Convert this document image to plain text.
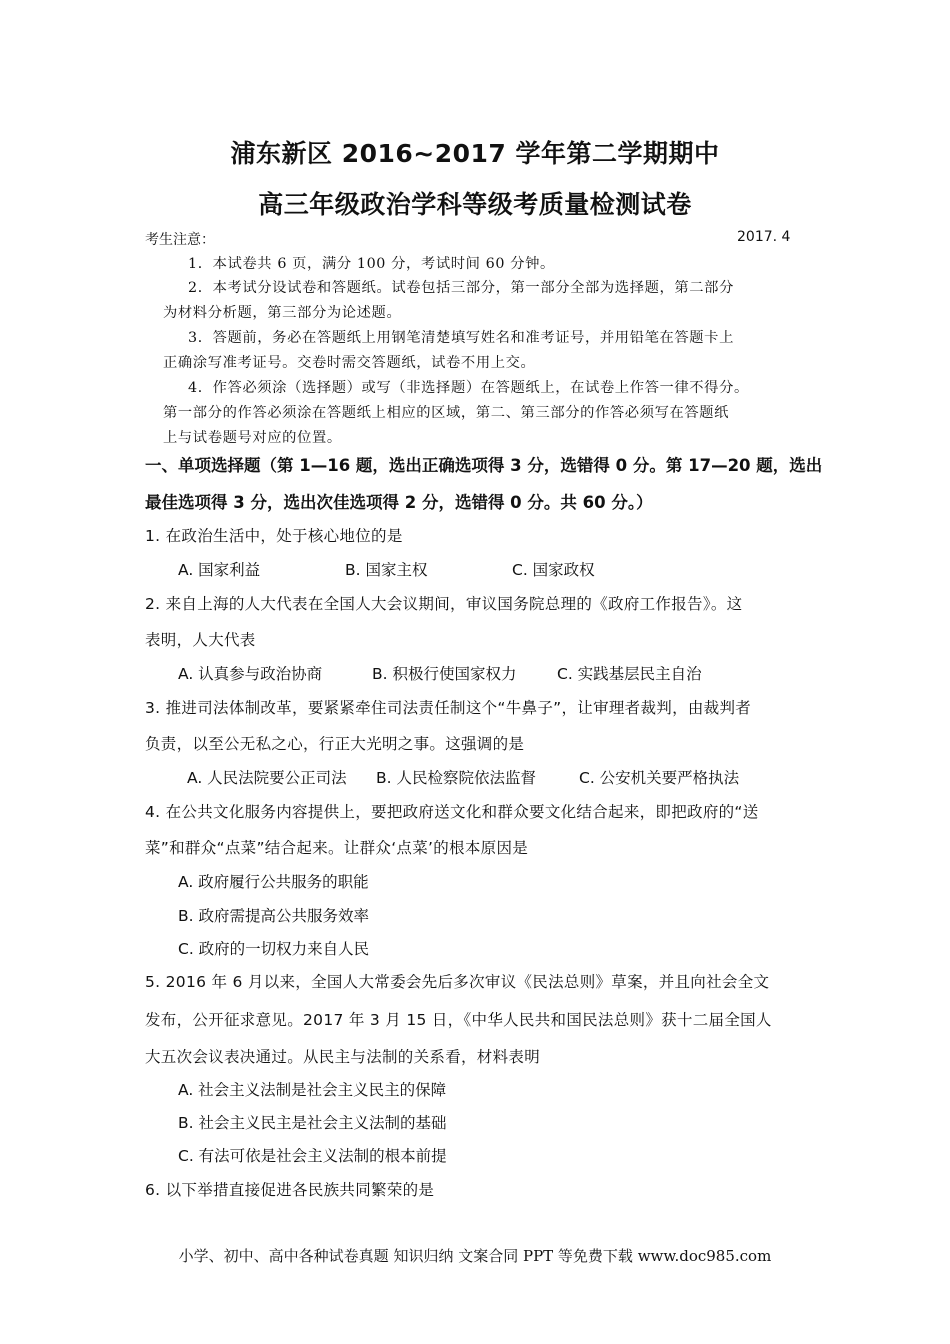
浦东新区 2016~2017 学年第二学期期中
高三年级政治学科等级考质量检测试卷
考生注意：	2017. 4
1．本试卷共 6 页，满分 100 分，考试时间 60 分钟。
2．本考试分设试卷和答题纸。试卷包括三部分，第一部分全部为选择题，第二部分
为材料分析题，第三部分为论述题。
3．答题前，务必在答题纸上用钢笔清楚填写姓名和准考证号，并用铅笔在答题卡上
正确涂写准考证号。交卷时需交答题纸，试卷不用上交。
4．作答必须涂（选择题）或写（非选择题）在答题纸上，在试卷上作答一律不得分。
第一部分的作答必须涂在答题纸上相应的区域，第二、第三部分的作答必须写在答题纸
上与试卷题号对应的位置。
一、单项选择题（第 1—16 题，选出正确选项得 3 分，选错得 0 分。第 17—20 题，选出
最佳选项得 3 分，选出次佳选项得 2 分，选错得 0 分。共 60 分。）
1. 在政治生活中，处于核心地位的是
A. 国家利益	B. 国家主权	C. 国家政权
2. 来自上海的人大代表在全国人大会议期间，审议国务院总理的《政府工作报告》。这
表明，人大代表
A. 认真参与政治协商	B. 积极行使国家权力	C. 实践基层民主自治
3. 推进司法体制改革，要紧紧牵住司法责任制这个“牛鼻子”，让审理者裁判，由裁判者
负责，以至公无私之心，行正大光明之事。这强调的是
A. 人民法院要公正司法 B. 人民检察院依法监督	C. 公安机关要严格执法
4. 在公共文化服务内容提供上，要把政府送文化和群众要文化结合起来，即把政府的“送
菜”和群众“点菜”结合起来。让群众‘点菜’的根本原因是
A. 政府履行公共服务的职能
B. 政府需提高公共服务效率
C. 政府的一切权力来自人民
5. 2016 年 6 月以来，全国人大常委会先后多次审议《民法总则》草案，并且向社会全文
发布，公开征求意见。2017 年 3 月 15 日，《中华人民共和国民法总则》获十二届全国人
大五次会议表决通过。从民主与法制的关系看，材料表明
A. 社会主义法制是社会主义民主的保障
B. 社会主义民主是社会主义法制的基础
C. 有法可依是社会主义法制的根本前提
6. 以下举措直接促进各民族共同繁荣的是
小学、初中、高中各种试卷真题 知识归纳 文案合同 PPT 等免费下载 www.doc985.com
